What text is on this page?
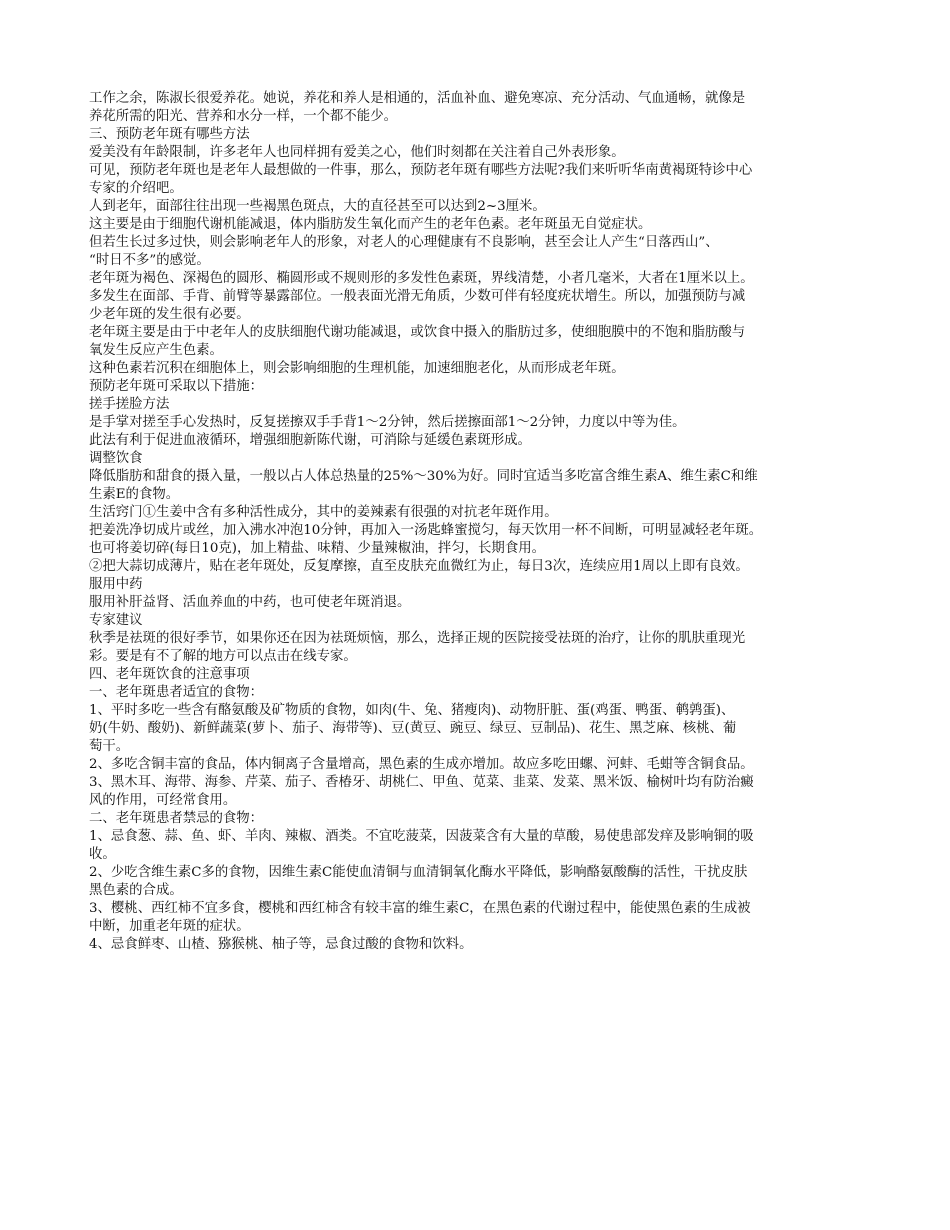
工作之余，陈淑长很爱养花。她说，养花和养人是相通的，活血补血、避免寒凉、充分活动、气血通畅，就像是
养花所需的阳光、营养和水分一样，一个都不能少。
三、预防老年斑有哪些方法
爱美没有年龄限制，许多老年人也同样拥有爱美之心，他们时刻都在关注着自己外表形象。
可见，预防老年斑也是老年人最想做的一件事，那么，预防老年斑有哪些方法呢?我们来听听华南黄褐斑特诊中心
专家的介绍吧。
人到老年，面部往往出现一些褐黑色斑点，大的直径甚至可以达到2~3厘米。
这主要是由于细胞代谢机能减退，体内脂肪发生氧化而产生的老年色素。老年斑虽无自觉症状。
但若生长过多过快，则会影响老年人的形象，对老人的心理健康有不良影响，甚至会让人产生“日落西山”、
“时日不多”的感觉。
老年斑为褐色、深褐色的圆形、椭圆形或不规则形的多发性色素斑，界线清楚，小者几毫米，大者在1厘米以上。
多发生在面部、手背、前臂等暴露部位。一般表面光滑无角质，少数可伴有轻度疣状增生。所以，加强预防与减
少老年斑的发生很有必要。
老年斑主要是由于中老年人的皮肤细胞代谢功能减退，或饮食中摄入的脂肪过多，使细胞膜中的不饱和脂肪酸与
氧发生反应产生色素。
这种色素若沉积在细胞体上，则会影响细胞的生理机能，加速细胞老化，从而形成老年斑。
预防老年斑可采取以下措施：
搓手搓脸方法
是手掌对搓至手心发热时，反复搓擦双手手背1～2分钟，然后搓擦面部1～2分钟，力度以中等为佳。
此法有利于促进血液循环，增强细胞新陈代谢，可消除与延缓色素斑形成。
调整饮食
降低脂肪和甜食的摄入量，一般以占人体总热量的25%～30%为好。同时宜适当多吃富含维生素A、维生素C和维
生素E的食物。
生活窍门①生姜中含有多种活性成分，其中的姜辣素有很强的对抗老年斑作用。
把姜洗净切成片或丝，加入沸水冲泡10分钟，再加入一汤匙蜂蜜搅匀，每天饮用一杯不间断，可明显减轻老年斑。
也可将姜切碎(每日10克)，加上精盐、味精、少量辣椒油，拌匀，长期食用。
②把大蒜切成薄片，贴在老年斑处，反复摩擦，直至皮肤充血微红为止，每日3次，连续应用1周以上即有良效。
服用中药
服用补肝益肾、活血养血的中药，也可使老年斑消退。
专家建议
秋季是祛斑的很好季节，如果你还在因为祛斑烦恼，那么，选择正规的医院接受祛斑的治疗，让你的肌肤重现光
彩。要是有不了解的地方可以点击在线专家。
四、老年斑饮食的注意事项
一、老年斑患者适宜的食物：
1、平时多吃一些含有酪氨酸及矿物质的食物，如肉(牛、兔、猪瘦肉)、动物肝脏、蛋(鸡蛋、鸭蛋、鹌鹑蛋)、
奶(牛奶、酸奶)、新鲜蔬菜(萝卜、茄子、海带等)、豆(黄豆、豌豆、绿豆、豆制品)、花生、黑芝麻、核桃、葡
萄干。
2、多吃含铜丰富的食品，体内铜离子含量增高，黑色素的生成亦增加。故应多吃田螺、河蚌、毛蚶等含铜食品。
3、黑木耳、海带、海参、芹菜、茄子、香椿牙、胡桃仁、甲鱼、苋菜、韭菜、发菜、黑米饭、榆树叶均有防治癜
风的作用，可经常食用。
二、老年斑患者禁忌的食物：
1、忌食葱、蒜、鱼、虾、羊肉、辣椒、酒类。不宜吃菠菜，因菠菜含有大量的草酸，易使患部发痒及影响铜的吸
收。
2、少吃含维生素C多的食物，因维生素C能使血清铜与血清铜氧化酶水平降低，影响酪氨酸酶的活性，干扰皮肤
黑色素的合成。
3、樱桃、西红柿不宜多食，樱桃和西红柿含有较丰富的维生素C，在黑色素的代谢过程中，能使黑色素的生成被
中断，加重老年斑的症状。
4、忌食鲜枣、山楂、猕猴桃、柚子等，忌食过酸的食物和饮料。
